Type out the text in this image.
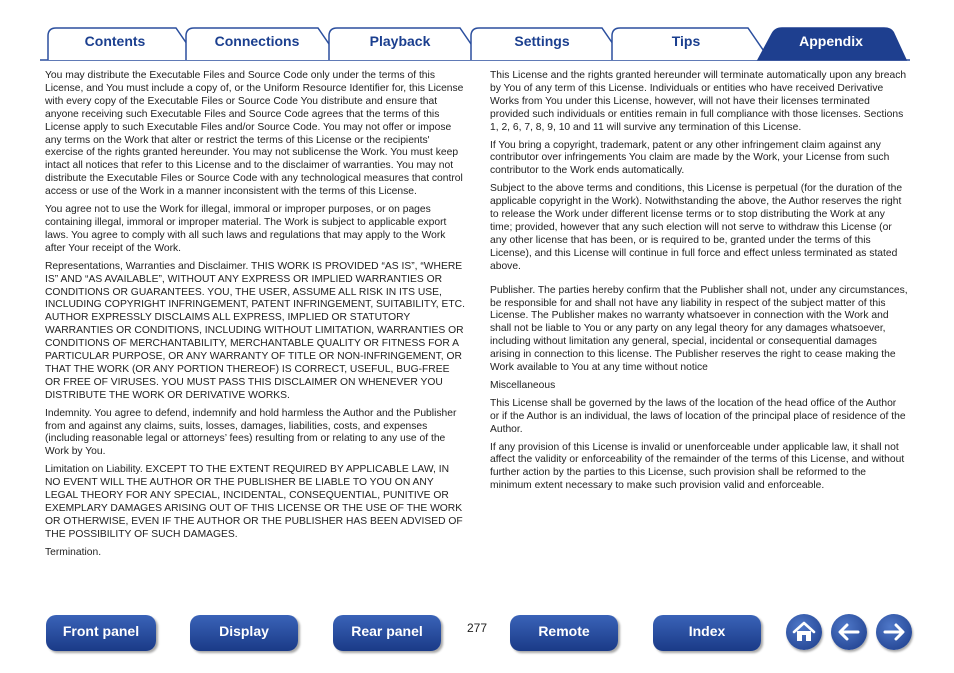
Contents	Connections	Playback	Settings	Tips	Appendix

You may distribute the Executable Files and Source Code only under the terms of this License, and You must include a copy of, or the Uniform Resource Identifier for, this License with every copy of the Executable Files or Source Code You distribute and ensure that anyone receiving such Executable Files and Source Code agrees that the terms of this License apply to such Executable Files and/or Source Code. You may not offer or impose any terms on the Work that alter or restrict the terms of this License or the recipients' exercise of the rights granted hereunder. You may not sublicense the Work. You must keep intact all notices that refer to this License and to the disclaimer of warranties. You may not distribute the Executable Files or Source Code with any technological measures that control access or use of the Work in a manner inconsistent with the terms of this License.

You agree not to use the Work for illegal, immoral or improper purposes, or on pages containing illegal, immoral or improper material. The Work is subject to applicable export laws. You agree to comply with all such laws and regulations that may apply to the Work after Your receipt of the Work.

Representations, Warranties and Disclaimer. THIS WORK IS PROVIDED “AS IS”, “WHERE IS” AND “AS AVAILABLE”, WITHOUT ANY EXPRESS OR IMPLIED WARRANTIES OR CONDITIONS OR GUARANTEES. YOU, THE USER, ASSUME ALL RISK IN ITS USE, INCLUDING COPYRIGHT INFRINGEMENT, PATENT INFRINGEMENT, SUITABILITY, ETC. AUTHOR EXPRESSLY DISCLAIMS ALL EXPRESS, IMPLIED OR STATUTORY WARRANTIES OR CONDITIONS, INCLUDING WITHOUT LIMITATION, WARRANTIES OR CONDITIONS OF MERCHANTABILITY, MERCHANTABLE QUALITY OR FITNESS FOR A PARTICULAR PURPOSE, OR ANY WARRANTY OF TITLE OR NON-INFRINGEMENT, OR THAT THE WORK (OR ANY PORTION THEREOF) IS CORRECT, USEFUL, BUG-FREE OR FREE OF VIRUSES. YOU MUST PASS THIS DISCLAIMER ON WHENEVER YOU DISTRIBUTE THE WORK OR DERIVATIVE WORKS.

Indemnity. You agree to defend, indemnify and hold harmless the Author and the Publisher from and against any claims, suits, losses, damages, liabilities, costs, and expenses (including reasonable legal or attorneys’ fees) resulting from or relating to any use of the Work by You.

Limitation on Liability. EXCEPT TO THE EXTENT REQUIRED BY APPLICABLE LAW, IN NO EVENT WILL THE AUTHOR OR THE PUBLISHER BE LIABLE TO YOU ON ANY LEGAL THEORY FOR ANY SPECIAL, INCIDENTAL, CONSEQUENTIAL, PUNITIVE OR EXEMPLARY DAMAGES ARISING OUT OF THIS LICENSE OR THE USE OF THE WORK OR OTHERWISE, EVEN IF THE AUTHOR OR THE PUBLISHER HAS BEEN ADVISED OF THE POSSIBILITY OF SUCH DAMAGES.

Termination.

This License and the rights granted hereunder will terminate automatically upon any breach by You of any term of this License. Individuals or entities who have received Derivative Works from You under this License, however, will not have their licenses terminated provided such individuals or entities remain in full compliance with those licenses. Sections 1, 2, 6, 7, 8, 9, 10 and 11 will survive any termination of this License.

If You bring a copyright, trademark, patent or any other infringement claim against any contributor over infringements You claim are made by the Work, your License from such contributor to the Work ends automatically.

Subject to the above terms and conditions, this License is perpetual (for the duration of the applicable copyright in the Work). Notwithstanding the above, the Author reserves the right to release the Work under different license terms or to stop distributing the Work at any time; provided, however that any such election will not serve to withdraw this License (or any other license that has been, or is required to be, granted under the terms of this License), and this License will continue in full force and effect unless terminated as stated above.

Publisher. The parties hereby confirm that the Publisher shall not, under any circumstances, be responsible for and shall not have any liability in respect of the subject matter of this License. The Publisher makes no warranty whatsoever in connection with the Work and shall not be liable to You or any party on any legal theory for any damages whatsoever, including without limitation any general, special, incidental or consequential damages arising in connection to this license. The Publisher reserves the right to cease making the Work available to You at any time without notice

Miscellaneous

This License shall be governed by the laws of the location of the head office of the Author or if the Author is an individual, the laws of location of the principal place of residence of the Author.

If any provision of this License is invalid or unenforceable under applicable law, it shall not affect the validity or enforceability of the remainder of the terms of this License, and without further action by the parties to this License, such provision shall be reformed to the minimum extent necessary to make such provision valid and enforceable.

Front panel	Display	Rear panel	277	Remote	Index
